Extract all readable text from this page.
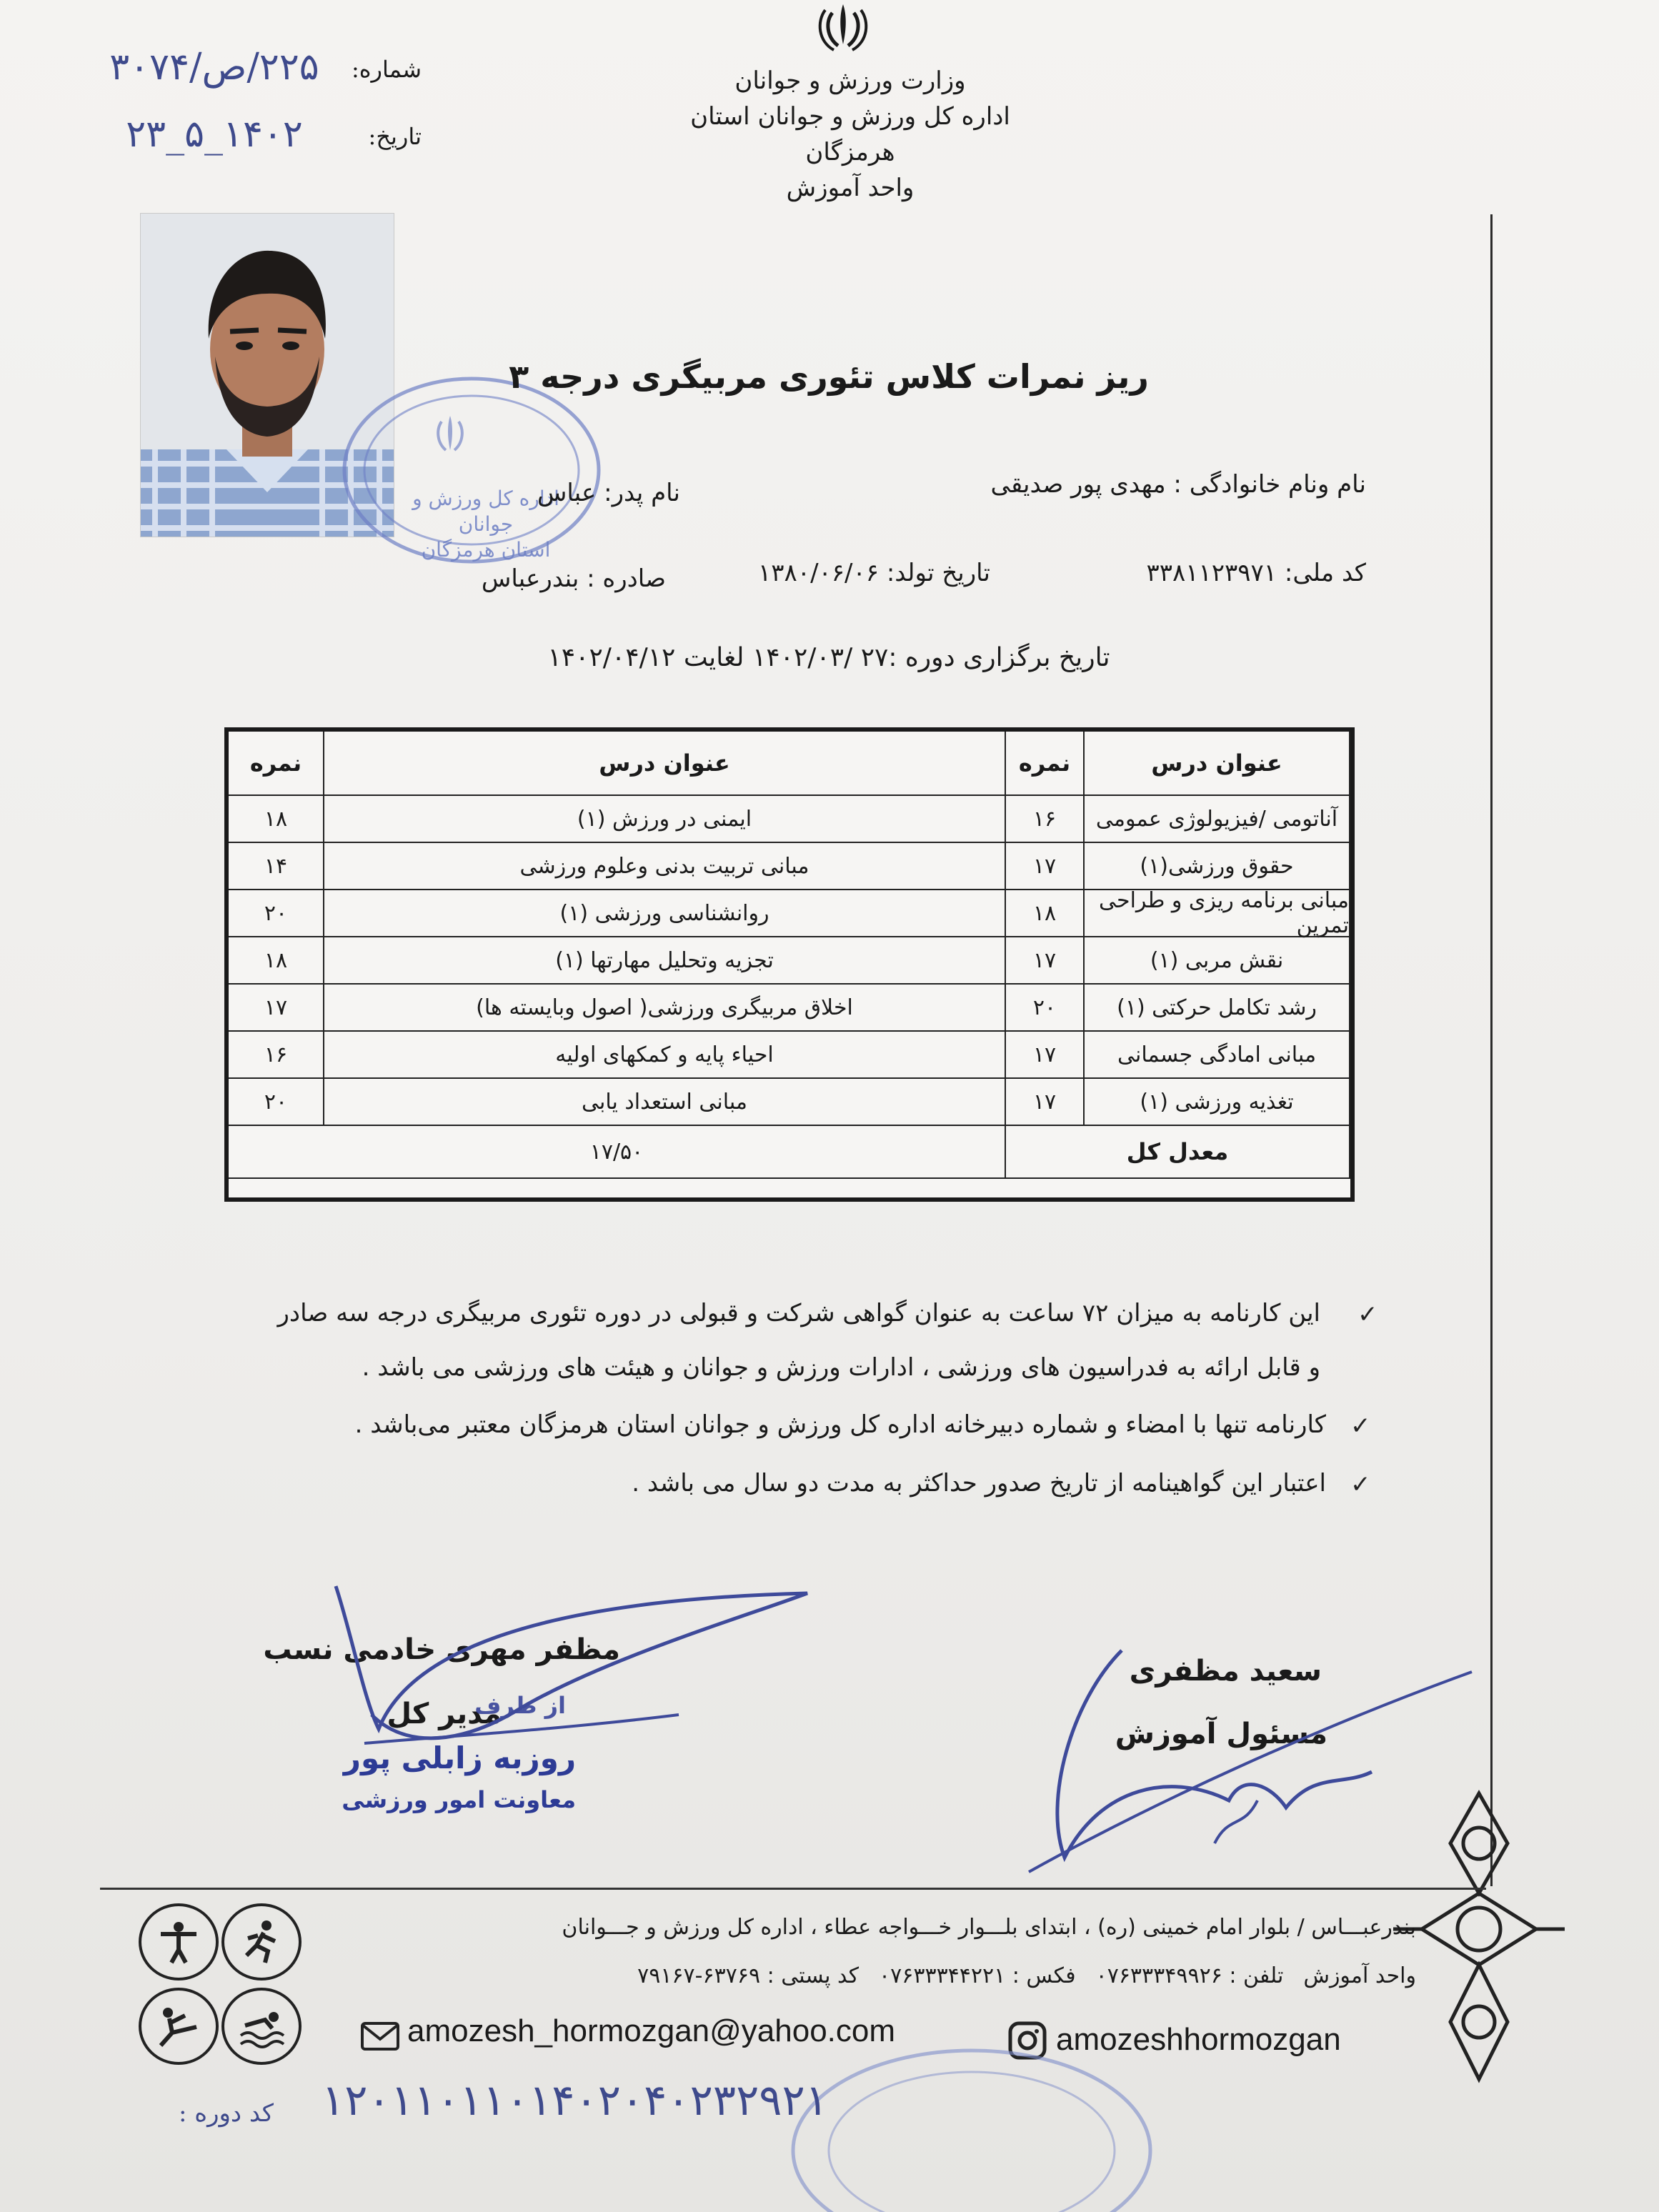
وزارت ورزش و جوانان
اداره کل ورزش و جوانان استان هرمزگان
واحد آموزش
شماره:
تاریخ:
۲۲۵/ص/۳۰۷۴
۱۴۰۲_۵_۲۳
اداره کل ورزش و جوانان
استان هرمزگان
ریز نمرات کلاس تئوری مربیگری درجه ۳
نام ونام خانوادگی : مهدی پور صدیقی
نام پدر: عباس
کد ملی: ۳۳۸۱۱۲۳۹۷۱
تاریخ تولد: ۱۳۸۰/۰۶/۰۶
صادره : بندرعباس
تاریخ برگزاری دوره :۲۷ /۱۴۰۲/۰۳ لغایت ۱۴۰۲/۰۴/۱۲
عنوان درس
نمره
عنوان درس
نمره
آناتومی /فیزیولوژی عمومی
۱۶
ایمنی در ورزش (۱)
۱۸
حقوق ورزشی(۱)
۱۷
مبانی تربیت بدنی وعلوم ورزشی
۱۴
مبانی برنامه ریزی و طراحی تمرین
۱۸
روانشناسی ورزشی (۱)
۲۰
نقش مربی (۱)
۱۷
تجزیه وتحلیل مهارتها (۱)
۱۸
رشد تکامل حرکتی (۱)
۲۰
اخلاق مربیگری ورزشی( اصول وبایسته ها)
۱۷
مبانی امادگی جسمانی
۱۷
احیاء پایه و کمکهای اولیه
۱۶
تغذیه ورزشی (۱)
۱۷
مبانی استعداد یابی
۲۰
معدل کل
۱۷/۵۰
✓
این کارنامه به میزان ۷۲ ساعت به عنوان گواهی شرکت و قبولی در دوره تئوری مربیگری درجه سه صادر
و قابل ارائه به فدراسیون های ورزشی ، ادارات ورزش و جوانان و هیئت های ورزشی می باشد .
✓
کارنامه تنها با امضاء و شماره دبیرخانه اداره کل ورزش و جوانان استان هرمزگان معتبر می‌باشد .
✓
اعتبار این گواهینامه از تاریخ صدور حداکثر به مدت دو سال می باشد .
مظفر مهری خادمی نسب
مدیر کل
از طرف
روزبه زابلی پور
معاونت امور ورزشی
سعید مظفری
مسئول آموزش
بندرعبـــاس / بلوار امام خمینی (ره) ، ابتدای بلـــوار خـــواجه عطاء ، اداره کل ورزش و جـــوانان
واحد آموزش
تلفن : ۰۷۶۳۳۳۴۹۹۲۶
فکس : ۰۷۶۳۳۳۴۴۲۲۱
کد پستی : ۶۳۷۶۹-۷۹۱۶۷
amozesh_hormozgan@yahoo.com	amozeshhormozgan
۱۲۰۱۱۰۱۱۰۱۴۰۲۰۴۰۲۳۲۹۲۱
کد دوره :
